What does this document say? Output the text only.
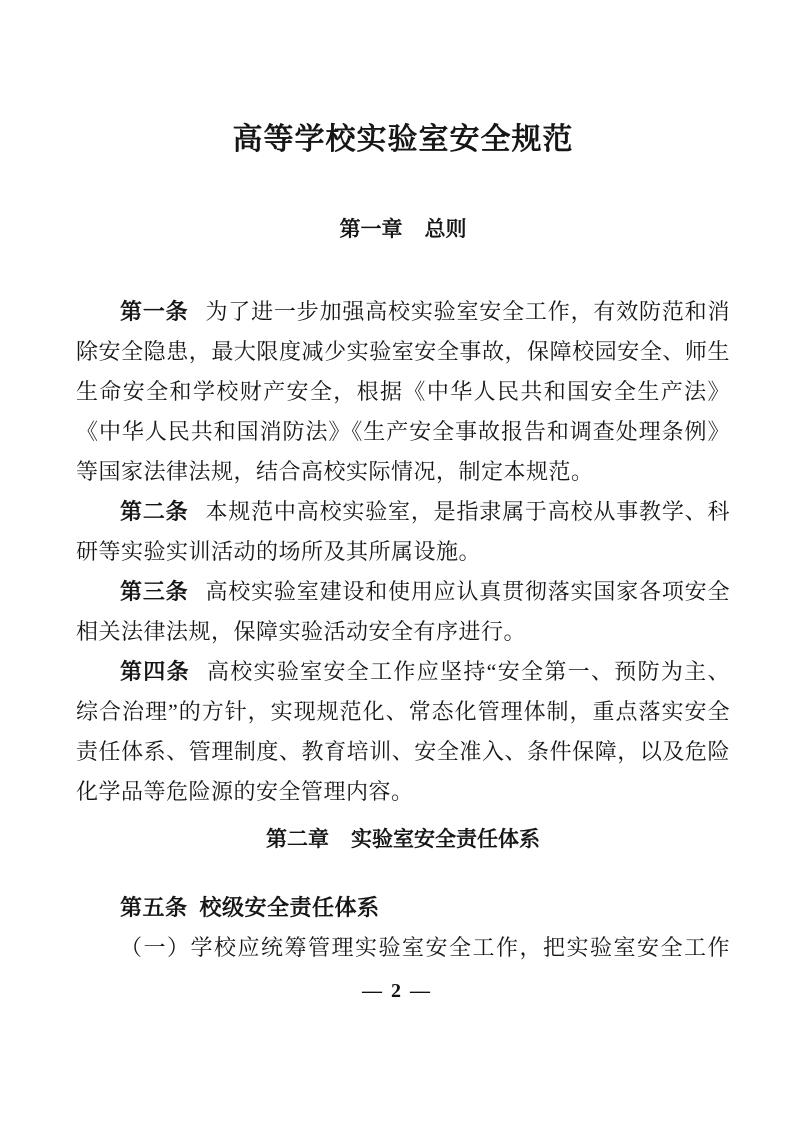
高等学校实验室安全规范
第一章 总则

第一条 为了进一步加强高校实验室安全工作，有效防范和消除安全隐患，最大限度减少实验室安全事故，保障校园安全、师生生命安全和学校财产安全，根据《中华人民共和国安全生产法》《中华人民共和国消防法》《生产安全事故报告和调查处理条例》等国家法律法规，结合高校实际情况，制定本规范。

第二条 本规范中高校实验室，是指隶属于高校从事教学、科研等实验实训活动的场所及其所属设施。

第三条 高校实验室建设和使用应认真贯彻落实国家各项安全相关法律法规，保障实验活动安全有序进行。

第四条 高校实验室安全工作应坚持“安全第一、预防为主、综合治理”的方针，实现规范化、常态化管理体制，重点落实安全责任体系、管理制度、教育培训、安全准入、条件保障，以及危险化学品等危险源的安全管理内容。

第二章 实验室安全责任体系

第五条 校级安全责任体系

（一）学校应统筹管理实验室安全工作，把实验室安全工作

— 2 —
